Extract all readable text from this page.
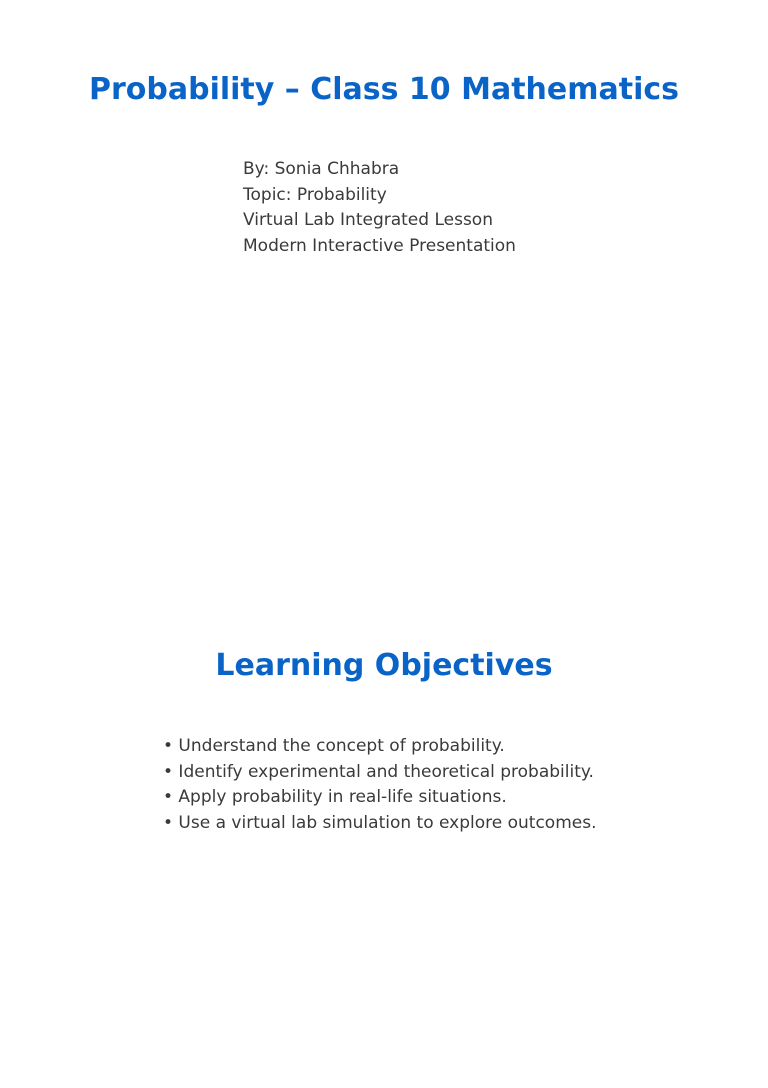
Probability – Class 10 Mathematics
By: Sonia Chhabra
Topic: Probability
Virtual Lab Integrated Lesson
Modern Interactive Presentation
Learning Objectives
• Understand the concept of probability.
• Identify experimental and theoretical probability.
• Apply probability in real-life situations.
• Use a virtual lab simulation to explore outcomes.
